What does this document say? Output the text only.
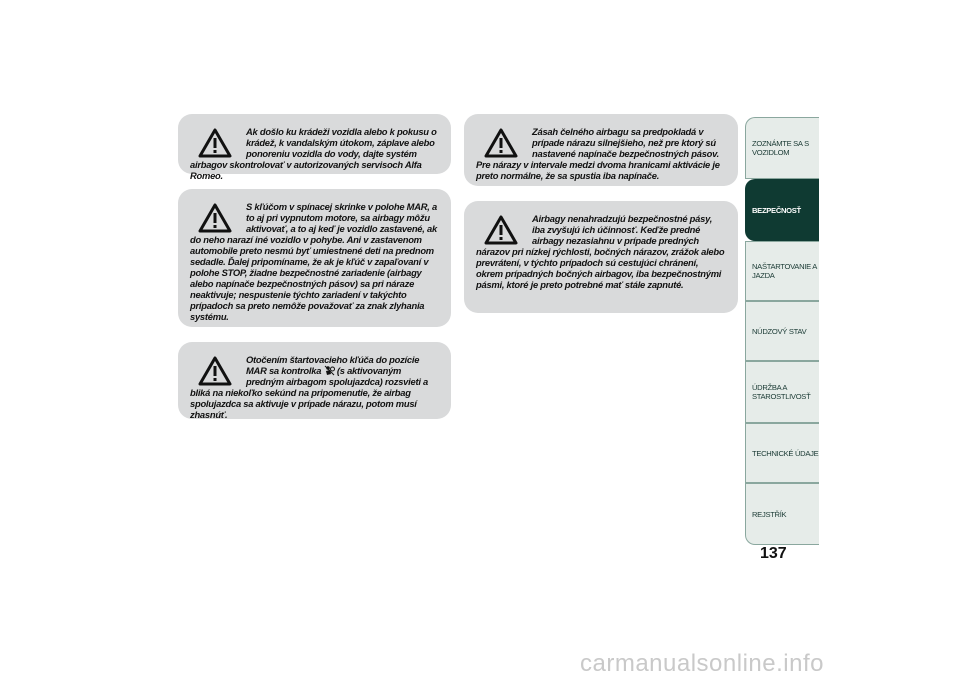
Ak došlo ku krádeži vozidla alebo k pokusu o krádež, k vandalským útokom, záplave alebo ponoreniu vozidla do vody, dajte systém airbagov skontrolovať v autorizovaných servisoch Alfa Romeo.

S kľúčom v spínacej skrinke v polohe MAR, a to aj pri vypnutom motore, sa airbagy môžu aktivovať, a to aj keď je vozidlo zastavené, ak do neho narazí iné vozidlo v pohybe. Ani v zastavenom automobile preto nesmú byť umiestnené deti na prednom sedadle. Ďalej pripomíname, že ak je kľúč v zapaľovaní v polohe STOP, žiadne bezpečnostné zariadenie (airbagy alebo napínače bezpečnostných pásov) sa pri náraze neaktivuje; nespustenie týchto zariadení v takýchto prípadoch sa preto nemôže považovať za znak zlyhania systému.

Otočením štartovacieho kľúča do pozície MAR sa kontrolka (s aktivovaným predným airbagom spolujazdca) rozsvieti a bliká na niekoľko sekúnd na pripomenutie, že airbag spolujazdca sa aktivuje v prípade nárazu, potom musí zhasnúť.

Zásah čelného airbagu sa predpokladá v prípade nárazu silnejšieho, než pre ktorý sú nastavené napínače bezpečnostných pásov. Pre nárazy v intervale medzi dvoma hranicami aktivácie je preto normálne, že sa spustia iba napínače.

Airbagy nenahradzujú bezpečnostné pásy, iba zvyšujú ich účinnosť. Keďže predné airbagy nezasiahnu v prípade predných nárazov pri nízkej rýchlosti, bočných nárazov, zrážok alebo prevrátení, v týchto prípadoch sú cestujúci chránení, okrem prípadných bočných airbagov, iba bezpečnostnými pásmi, ktoré je preto potrebné mať stále zapnuté.

ZOZNÁMTE SA S VOZIDLOM
BEZPEČNOSŤ
NAŠTARTOVANIE A JAZDA
NÚDZOVÝ STAV
ÚDRŽBA A STAROSTLIVOSŤ
TECHNICKÉ ÚDAJE
REJSTŘÍK
137
carmanualsonline.info
